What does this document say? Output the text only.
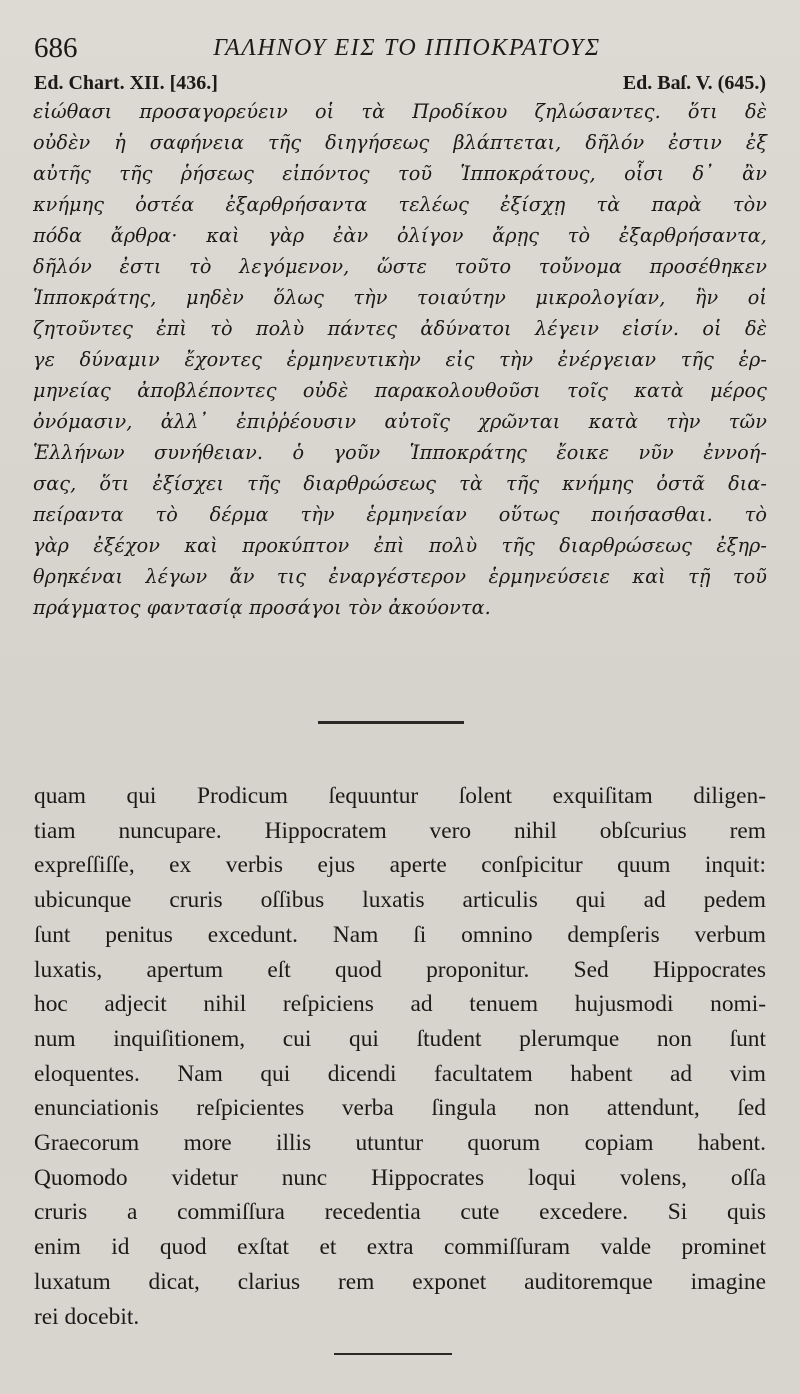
686	ΓΑΛΗΝΟΥ ΕΙΣ ΤΟ ΙΠΠΟΚΡΑΤΟΥΣ
Ed. Chart. XII. [436.]	Ed. Baſ. V. (645.)
εἰώθασι προσαγορεύειν οἱ τὰ Προδίκου ζηλώσαντες. ὅτι δὲ
οὐδὲν ἡ σαφήνεια τῆς διηγήσεως βλάπτεται, δῆλόν ἐστιν ἐξ
αὐτῆς τῆς ῥήσεως εἰπόντος τοῦ Ἱπποκράτους, οἷσι δ᾽ ἂν
κνήμης ὀστέα ἐξαρθρήσαντα τελέως ἐξίσχῃ τὰ παρὰ τὸν
πόδα ἄρθρα· καὶ γὰρ ἐὰν ὀλίγον ἄρῃς τὸ ἐξαρθρήσαντα,
δῆλόν ἐστι τὸ λεγόμενον, ὥστε τοῦτο τοὔνομα προσέθηκεν
Ἱπποκράτης, μηδὲν ὅλως τὴν τοιαύτην μικρολογίαν, ἣν οἱ
ζητοῦντες ἐπὶ τὸ πολὺ πάντες ἀδύνατοι λέγειν εἰσίν. οἱ δὲ
γε δύναμιν ἔχοντες ἑρμηνευτικὴν εἰς τὴν ἐνέργειαν τῆς ἑρ-
μηνείας ἀποβλέποντες οὐδὲ παρακολουθοῦσι τοῖς κατὰ μέρος
ὀνόμασιν, ἀλλ᾽ ἐπιῤῥέουσιν αὐτοῖς χρῶνται κατὰ τὴν τῶν
Ἑλλήνων συνήθειαν. ὁ γοῦν Ἱπποκράτης ἔοικε νῦν ἐννοή-
σας, ὅτι ἐξίσχει τῆς διαρθρώσεως τὰ τῆς κνήμης ὀστᾶ δια-
πείραντα τὸ δέρμα τὴν ἑρμηνείαν οὕτως ποιήσασθαι. τὸ
γὰρ ἐξέχον καὶ προκύπτον ἐπὶ πολὺ τῆς διαρθρώσεως ἐξηρ-
θρηκέναι λέγων ἄν τις ἐναργέστερον ἑρμηνεύσειε καὶ τῇ τοῦ
πράγματος φαντασίᾳ προσάγοι τὸν ἀκούοντα.
quam qui Prodicum ſequuntur ſolent exquiſitam diligen-
tiam nuncupare. Hippocratem vero nihil obſcurius rem
expreſſiſſe, ex verbis ejus aperte conſpicitur quum inquit:
ubicunque cruris oſſibus luxatis articulis qui ad pedem
ſunt penitus excedunt. Nam ſi omnino dempſeris verbum
luxatis, apertum eſt quod proponitur. Sed Hippocrates
hoc adjecit nihil reſpiciens ad tenuem hujusmodi nomi-
num inquiſitionem, cui qui ſtudent plerumque non ſunt
eloquentes. Nam qui dicendi facultatem habent ad vim
enunciationis reſpicientes verba ſingula non attendunt, ſed
Graecorum more illis utuntur quorum copiam habent.
Quomodo videtur nunc Hippocrates loqui volens, oſſa
cruris a commiſſura recedentia cute excedere. Si quis
enim id quod exſtat et extra commiſſuram valde prominet
luxatum dicat, clarius rem exponet auditoremque imagine
rei docebit.
